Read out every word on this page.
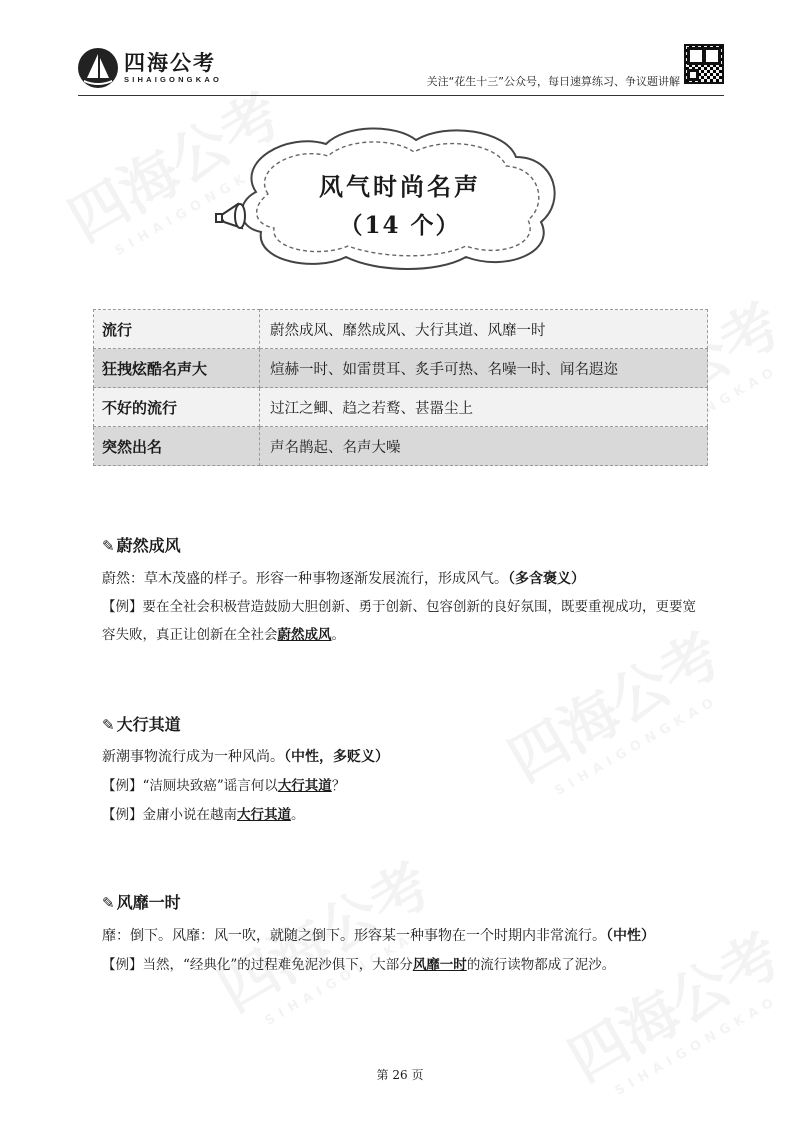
四海公考
SIHAIGONGKAO	关注“花生十三”公众号，每日速算练习、争议题讲解
风气时尚名声
（14 个）
流行	蔚然成风、靡然成风、大行其道、风靡一时
狂拽炫酷名声大	煊赫一时、如雷贯耳、炙手可热、名噪一时、闻名遐迩
不好的流行	过江之鲫、趋之若鹜、甚嚣尘上
突然出名	声名鹊起、名声大噪
✎ 蔚然成风
蔚然：草木茂盛的样子。形容一种事物逐渐发展流行，形成风气。（多含褒义）
【例】要在全社会积极营造鼓励大胆创新、勇于创新、包容创新的良好氛围，既要重视成功，更要宽容失败，真正让创新在全社会蔚然成风。
✎ 大行其道
新潮事物流行成为一种风尚。（中性，多贬义）
【例】“洁厕块致癌”谣言何以大行其道？
【例】金庸小说在越南大行其道。
✎ 风靡一时
靡：倒下。风靡：风一吹，就随之倒下。形容某一种事物在一个时期内非常流行。（中性）
【例】当然，“经典化”的过程难免泥沙俱下，大部分风靡一时的流行读物都成了泥沙。
第 26 页
